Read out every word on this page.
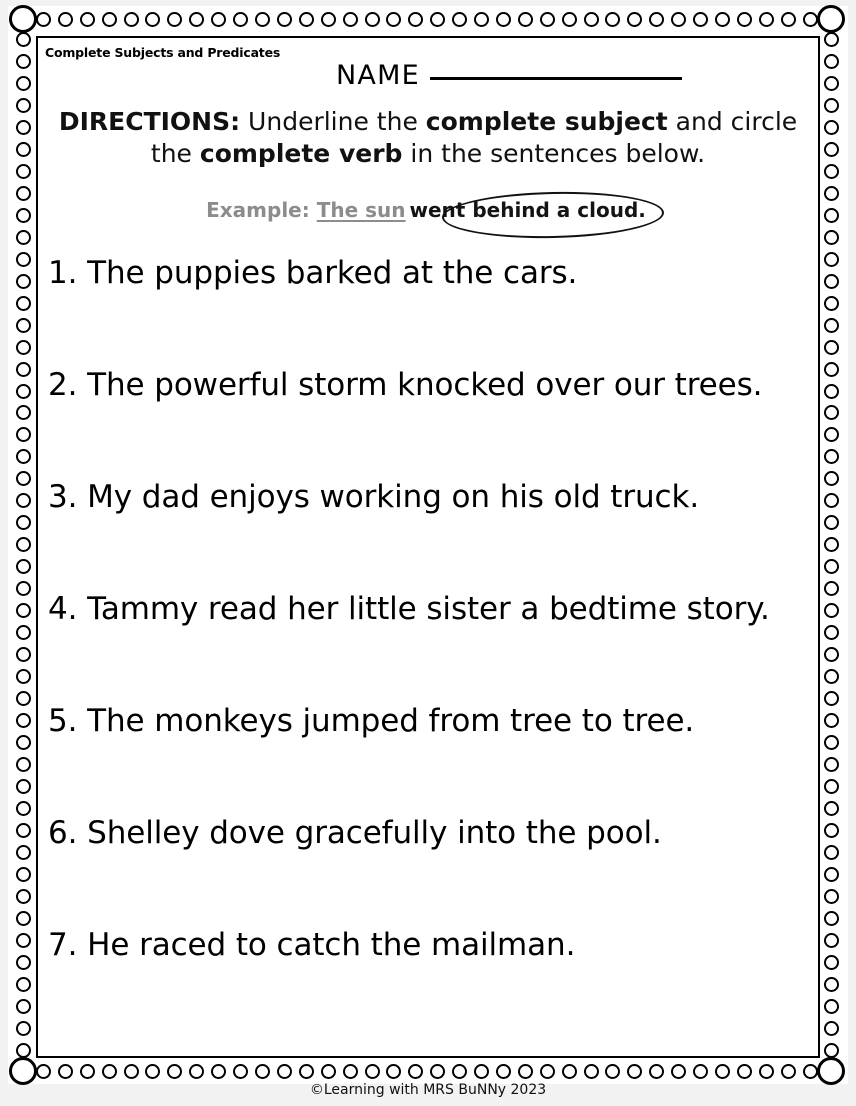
Complete Subjects and Predicates
NAME
DIRECTIONS: Underline the complete subject and circle the complete verb in the sentences below.
Example: The sun went behind a cloud.
1. The puppies barked at the cars.
2. The powerful storm knocked over our trees.
3. My dad enjoys working on his old truck.
4. Tammy read her little sister a bedtime story.
5. The monkeys jumped from tree to tree.
6. Shelley dove gracefully into the pool.
7. He raced to catch the mailman.
©Learning with MRS BuNNy 2023
